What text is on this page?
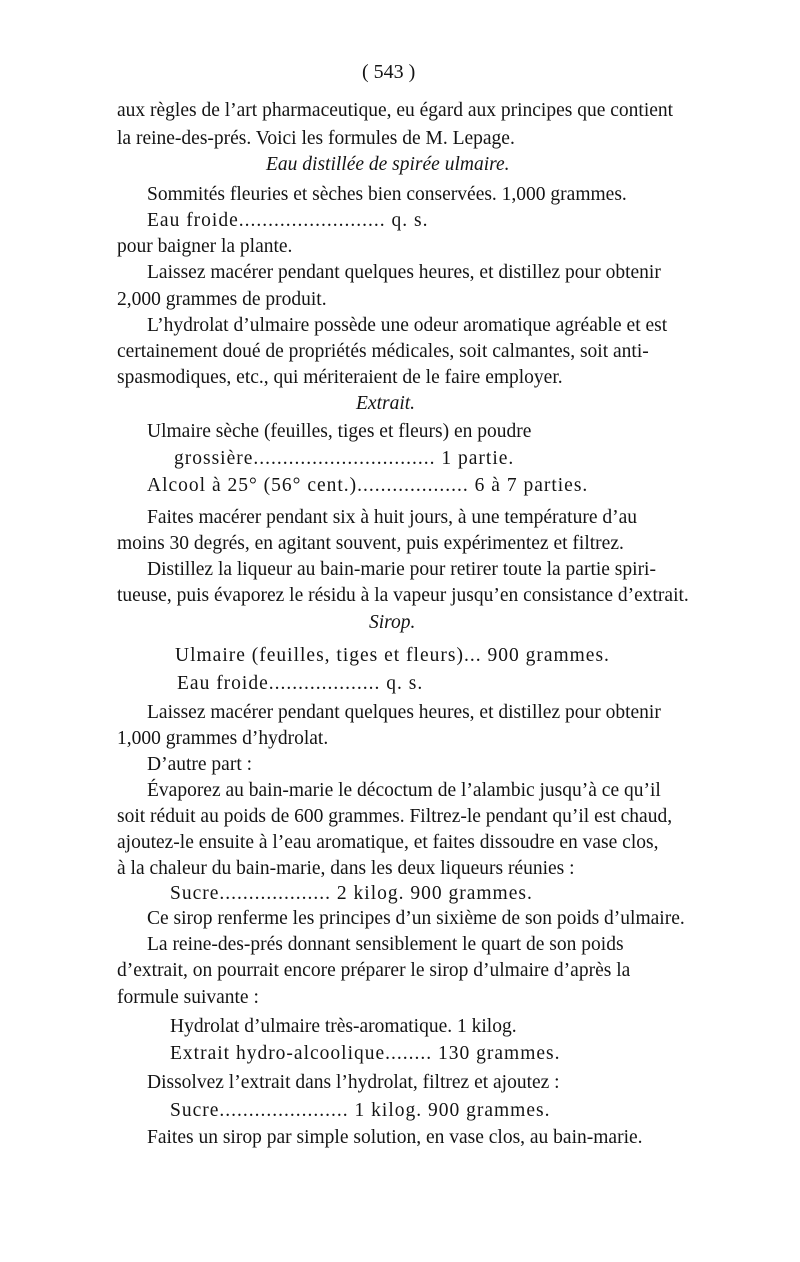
( 543 )
aux règles de l’art pharmaceutique, eu égard aux principes que contient
la reine-des-prés. Voici les formules de M. Lepage.
Eau distillée de spirée ulmaire.
Sommités fleuries et sèches bien conservées. 1,000 grammes.
Eau froide......................... q. s.
pour baigner la plante.
Laissez macérer pendant quelques heures, et distillez pour obtenir
2,000 grammes de produit.
L’hydrolat d’ulmaire possède une odeur aromatique agréable et est
certainement doué de propriétés médicales, soit calmantes, soit anti-
spasmodiques, etc., qui mériteraient de le faire employer.
Extrait.
Ulmaire sèche (feuilles, tiges et fleurs) en poudre
grossière............................... 1 partie.
Alcool à 25° (56° cent.)................... 6 à 7 parties.
Faites macérer pendant six à huit jours, à une température d’au
moins 30 degrés, en agitant souvent, puis expérimentez et filtrez.
Distillez la liqueur au bain-marie pour retirer toute la partie spiri-
tueuse, puis évaporez le résidu à la vapeur jusqu’en consistance d’extrait.
Sirop.
Ulmaire (feuilles, tiges et fleurs)... 900 grammes.
Eau froide................... q. s.
Laissez macérer pendant quelques heures, et distillez pour obtenir
1,000 grammes d’hydrolat.
D’autre part :
Évaporez au bain-marie le décoctum de l’alambic jusqu’à ce qu’il
soit réduit au poids de 600 grammes. Filtrez-le pendant qu’il est chaud,
ajoutez-le ensuite à l’eau aromatique, et faites dissoudre en vase clos,
à la chaleur du bain-marie, dans les deux liqueurs réunies :
Sucre................... 2 kilog. 900 grammes.
Ce sirop renferme les principes d’un sixième de son poids d’ulmaire.
La reine-des-prés donnant sensiblement le quart de son poids
d’extrait, on pourrait encore préparer le sirop d’ulmaire d’après la
formule suivante :
Hydrolat d’ulmaire très-aromatique. 1 kilog.
Extrait hydro-alcoolique........ 130 grammes.
Dissolvez l’extrait dans l’hydrolat, filtrez et ajoutez :
Sucre...................... 1 kilog. 900 grammes.
Faites un sirop par simple solution, en vase clos, au bain-marie.
